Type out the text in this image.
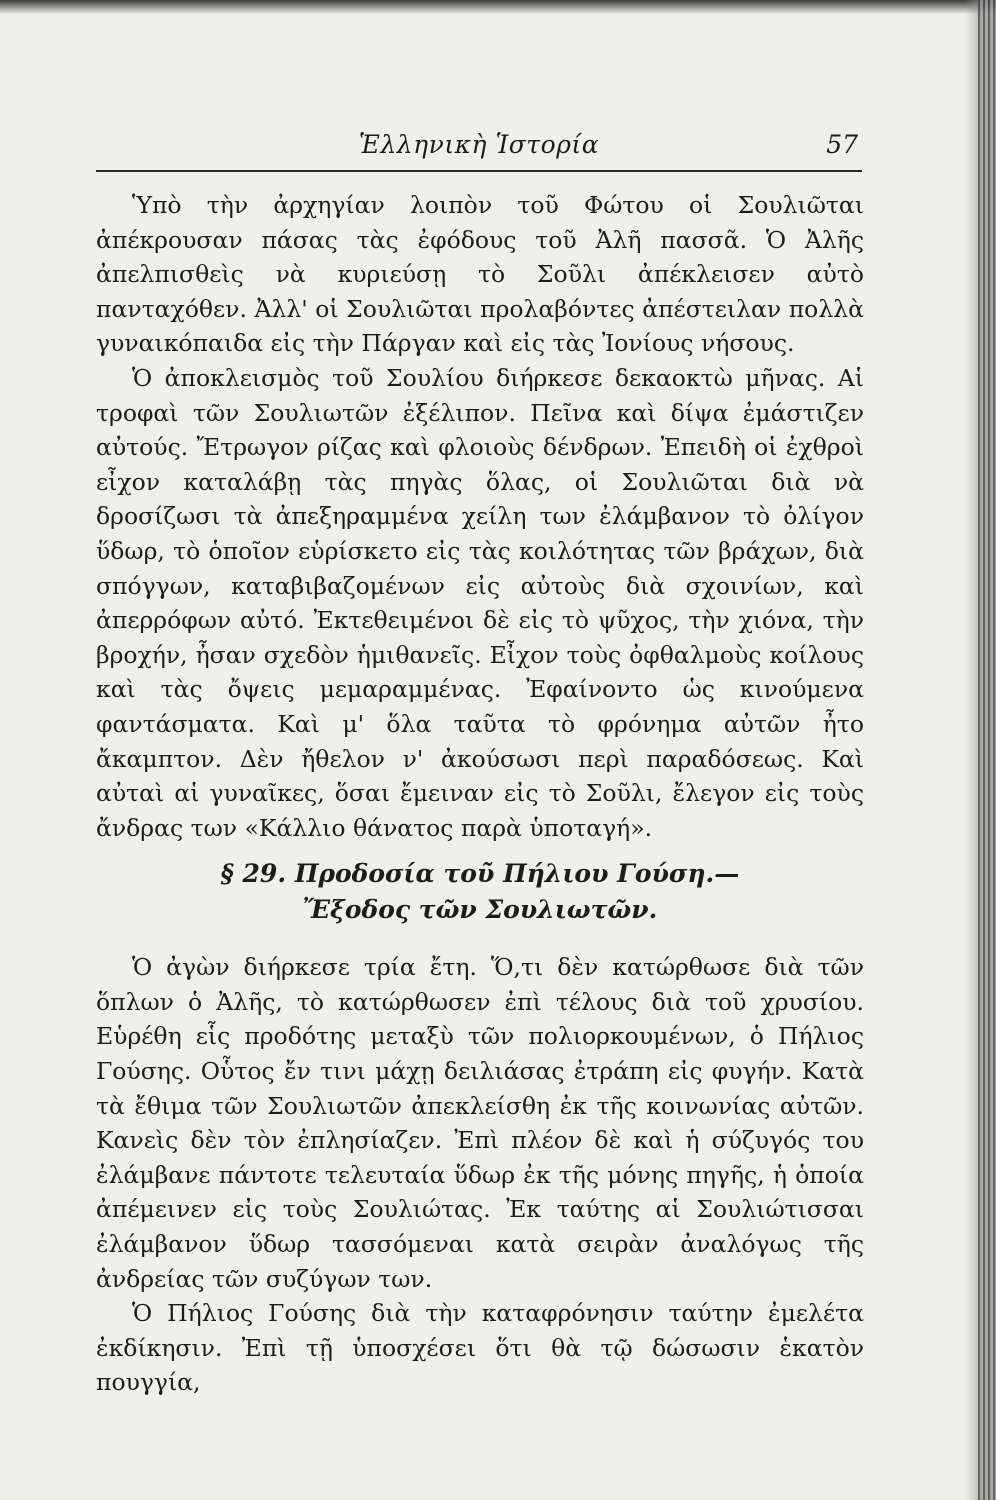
Ἑλληνικὴ Ἱστορία	57

Ὑπὸ τὴν ἀρχηγίαν λοιπὸν τοῦ Φώτου οἱ Σουλιῶται ἀπέκρουσαν πάσας τὰς ἐφόδους τοῦ Ἀλῆ πασσᾶ. Ὁ Ἀλῆς ἀπελπισθεὶς νὰ κυριεύσῃ τὸ Σοῦλι ἀπέκλεισεν αὐτὸ πανταχόθεν. Ἀλλ' οἱ Σουλιῶται προλαβόντες ἀπέστειλαν πολλὰ γυναικόπαιδα εἰς τὴν Πάργαν καὶ εἰς τὰς Ἰονίους νήσους.

Ὁ ἀποκλεισμὸς τοῦ Σουλίου διήρκεσε δεκαοκτὼ μῆνας. Αἱ τροφαὶ τῶν Σουλιωτῶν ἐξέλιπον. Πεῖνα καὶ δίψα ἐμάστιζεν αὐτούς. Ἔτρωγον ρίζας καὶ φλοιοὺς δένδρων. Ἐπειδὴ οἱ ἐχθροὶ εἶχον καταλάβῃ τὰς πηγὰς ὅλας, οἱ Σουλιῶται διὰ νὰ δροσίζωσι τὰ ἀπεξηραμμένα χείλη των ἐλάμβανον τὸ ὀλίγον ὕδωρ, τὸ ὁποῖον εὑρίσκετο εἰς τὰς κοιλότητας τῶν βράχων, διὰ σπόγγων, καταβιβαζομένων εἰς αὐτοὺς διὰ σχοινίων, καὶ ἀπερρόφων αὐτό. Ἐκτεθειμένοι δὲ εἰς τὸ ψῦχος, τὴν χιόνα, τὴν βροχήν, ἦσαν σχεδὸν ἡμιθανεῖς. Εἶχον τοὺς ὀφθαλμοὺς κοίλους καὶ τὰς ὄψεις μεμαραμμένας. Ἐφαίνοντο ὡς κινούμενα φαντάσματα. Καὶ μ' ὅλα ταῦτα τὸ φρόνημα αὐτῶν ἦτο ἄκαμπτον. Δὲν ἤθελον ν' ἀκούσωσι περὶ παραδόσεως. Καὶ αὐταὶ αἱ γυναῖκες, ὅσαι ἔμειναν εἰς τὸ Σοῦλι, ἔλεγον εἰς τοὺς ἄνδρας των «Κάλλιο θάνατος παρὰ ὑποταγή».

§ 29. Προδοσία τοῦ Πήλιου Γούση.—
Ἔξοδος τῶν Σουλιωτῶν.

Ὁ ἀγὼν διήρκεσε τρία ἔτη. Ὅ,τι δὲν κατώρθωσε διὰ τῶν ὅπλων ὁ Ἀλῆς, τὸ κατώρθωσεν ἐπὶ τέλους διὰ τοῦ χρυσίου. Εὑρέθη εἷς προδότης μεταξὺ τῶν πολιορκουμένων, ὁ Πήλιος Γούσης. Οὗτος ἔν τινι μάχῃ δειλιάσας ἐτράπη εἰς φυγήν. Κατὰ τὰ ἔθιμα τῶν Σουλιωτῶν ἀπεκλείσθη ἐκ τῆς κοινωνίας αὐτῶν. Κανεὶς δὲν τὸν ἐπλησίαζεν. Ἐπὶ πλέον δὲ καὶ ἡ σύζυγός του ἐλάμβανε πάντοτε τελευταία ὕδωρ ἐκ τῆς μόνης πηγῆς, ἡ ὁποία ἀπέμεινεν εἰς τοὺς Σουλιώτας. Ἐκ ταύτης αἱ Σουλιώτισσαι ἐλάμβανον ὕδωρ τασσόμεναι κατὰ σειρὰν ἀναλόγως τῆς ἀνδρείας τῶν συζύγων των.

Ὁ Πήλιος Γούσης διὰ τὴν καταφρόνησιν ταύτην ἐμελέτα ἐκδίκησιν. Ἐπὶ τῇ ὑποσχέσει ὅτι θὰ τῷ δώσωσιν ἑκατὸν πουγγία,
